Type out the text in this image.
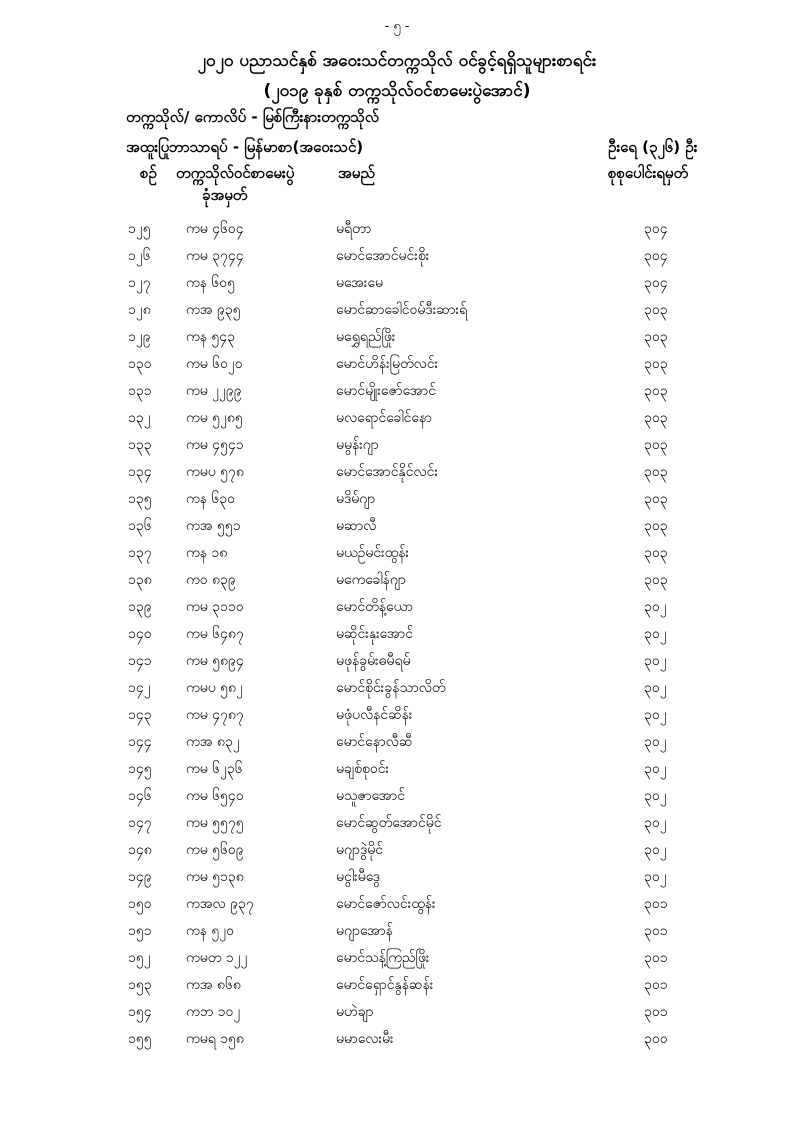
- ၅ -
၂၀၂၀ ပညာသင်နှစ် အဝေးသင်တက္ကသိုလ် ဝင်ခွင့်ရရှိသူများစာရင်း
(၂၀၁၉ ခုနှစ် တက္ကသိုလ်ဝင်စာမေးပွဲအောင်)
တက္ကသိုလ်/ ကောလိပ် - မြစ်ကြီးနားတက္ကသိုလ်
အထူးပြုဘာသာရပ် - မြန်မာစာ(အဝေးသင်)	ဦးရေ (၃၂၆) ဦး
စဉ် တက္ကသိုလ်ဝင်စာမေးပွဲ
ခုံအမှတ်
အမည်	စုစုပေါင်းရမှတ်
၁၂၅	ကမ ၄၆၀၄	မရီတာ	၃၀၄
၁၂၆	ကမ ၃၇၄၄	မောင်အောင်မင်းစိုး	၃၀၄
၁၂၇	ကန ၆၀၅	မအေးမေ	၃၀၄
၁၂၈	ကအ ၉၃၅	မောင်ဆာခေါင်ဝမ်ဒီးဆားရ်	၃၀၃
၁၂၉	ကန ၅၄၃	မရွှေရည်ဖြိုး	၃၀၃
၁၃၀ ကမ ၆၀၂၀	မောင်ဟိန်းမြတ်လင်း	၃၀၃
၁၃၁ ကမ ၂၂၉၉	မောင်မျိုးဇော်အောင်	၃၀၃
၁၃၂	ကမ ၅၂၈၅	မလရောင်ခေါင်နော	၃၀၃
၁၃၃ ကမ ၄၅၄၁	မမွန်းဂျာ	၃၀၃
၁၃၄ ကမပ ၅၇၈	မောင်အောင်နိုင်လင်း	၃၀၃
၁၃၅ ကန ၆၃၀	မဒိမ်ဂျာ	၃၀၃
၁၃၆ ကအ ၅၅၁	မဆာလီ	၃၀၃
၁၃၇ ကန ၁၈	မယဉ်မင်းထွန်း	၃၀၃
၁၃၈ ကဝ ၈၃၉	မကေခေါန်ဂျာ	၃၀၃
၁၃၉ ကမ ၃၁၁၀	မောင်တိန့်ယော	၃၀၂
၁၄၀ ကမ ၆၄၈၇	မဆိုင်းနုးအောင်	၃၀၂
၁၄၁ ကမ ၅၈၉၄	မဖုန်ခွမ်းဓမီရမ်	၃၀၂
၁၄၂	ကမပ ၅၈၂	မောင်စိုင်းခွန်သာလိတ်	၃၀၂
၁၄၃ ကမ ၄၇၈၇	မဖုံပလီနင်ဆိန်း	၃၀၂
၁၄၄ ကအ ၈၃၂	မောင်နောလီဆီ	၃၀၂
၁၄၅ ကမ ၆၂၃၆	မချစ်စုဝင်း	၃၀၂
၁၄၆ ကမ ၆၅၄၀	မသူဇာအောင်	၃၀၂
၁၄၇ ကမ ၅၅၇၅	မောင်ဆွတ်အောင်မိုင်	၃၀၂
၁၄၈ ကမ ၅၆၀၉	မဂျာဒွဲမိုင်	၃၀၂
၁၄၉ ကမ ၅၁၃၈	မငွါးမီဒွေ	၃၀၂
၁၅၀ ကအလ ၉၃၇	မောင်ဇော်လင်းထွန်း	၃၀၁
၁၅၁ ကန ၅၂၀	မဂျာအောန်	၃၀၁
၁၅၂	ကမတ ၁၂၂	မောင်သန့်ကြည်ဖြိုး	၃၀၁
၁၅၃ ကအ ၈၆၈	မောင်ရှောင်နွန်ဆန်း	၃၀၁
၁၅၄ ကဘ ၁၀၂	မဟဲချာ	၃၀၁
၁၅၅ ကမရ ၁၅၈	မမာလေးမီး	၃၀၀
